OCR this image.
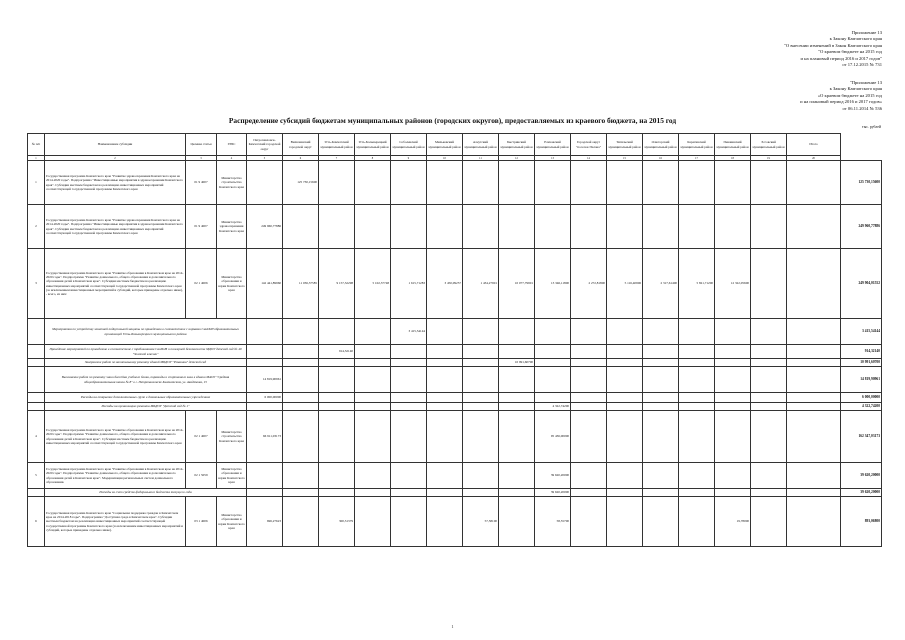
Приложение 13
к Закону Камчатского края
"О внесении изменений в Закон Камчатского края
"О краевом бюджете на 2015 год
и на плановый период 2016 и 2017 годов"
от 17.12.2015 № 731
"Приложение 13
к Закону Камчатского края
«О краевом бюджете на 2015 год
и на плановый период 2016 и 2017 годов»
от 06.11.2014 № 536
Распределение субсидий бюджетам муниципальных районов (городских округов), предоставляемых из краевого бюджета, на 2015 год
тыс. рублей
№ п/п	Наименование субсидии	Целевая статья	ГРБС	Петропавловск-Камчатский городской округ	Вилючинский городской округ	Усть-Камчатский муниципальный район	Усть-Большерецкий муниципальный район	Соболевский муниципальный район	Мильковский муниципальный район	Алеутский муниципальный район	Быстринский муниципальный район	Елизовский муниципальный район	Городской округ "поселок Палана"	Тигильский муниципальный район	Олюторский муниципальный район	Карагинский муниципальный район	Пенжинский муниципальный район	Эссовский муниципальный район	Итого	
1	2	3	4	5	6	7	8	9	10	11	12	13	14	15	16	17	18	19	20	
1	Государственная программа Камчатского края "Развитие здравоохранения Камчатского края на 2014-2020 годы". Подпрограмма "Инвестиционные мероприятия в здравоохранении Камчатского края". Субсидии местным бюджетам на реализацию инвестиционных мероприятий соответствующей государственной программы Камчатского края	01 9 4007	Министерство строительства Камчатского края		125 730,15600															125 730,15600
2	Государственная программа Камчатского края "Развитие здравоохранения Камчатского края на 2014-2020 годы". Подпрограмма "Инвестиционные мероприятия в здравоохранении Камчатского края". Субсидии местным бюджетам на реализацию инвестиционных мероприятий соответствующей государственной программы Камчатского края	01 9 4007	Министерство здравоохранения Камчатского края	249 960,77886																249 960,77886
3	Государственная программа Камчатского края "Развитие образования в Камчатском крае на 2014-2020 годы". Подпрограмма "Развитие дошкольного, общего образования и дополнительного образования детей в Камчатском крае". Субсидии местным бюджетам на реализацию инвестиционных мероприятий соответствующей государственной программы Камчатского края (за исключением инвестиционных мероприятий и субсидий, которые приведены отдельно ниже), - всего, из них:	02 1 4006	Министерство образования и науки Камчатского края	142 441,89960	11 036,37585	9 157,32298	5 102,37748	1 615,71283	3 450,09257	1 434,27901	10 077,79901	13 346,11800	2 272,81800	5 116,40906	2 317,61400	5 821,71200	12 322,05600			249 904,01552
	Мероприятия по устройству зенитной подкупольной защиты по приведению в соответствие с нормами СанПиН образовательных организаций Усть-Большерецкого муниципального района							3 415,54144												3 415,54144
	Проведение мероприятий по приведению в соответствие с требованиями СанПиН и пожарной безопасности МДОУ детский сад № 40 "Золотой ключик"					914,32140														914,32140
	Завершение работ по капитальному ремонту зданий МБДОУ "Ромашка" детский сад										10 991,60700									10 991,60700
	Выполнение работ по ремонту чаши бассейна учебного блока, пирамиды и спортивного зала в здании МАОУ "Средняя общеобразовательная школа № 8" в г. Петропавловске-Камчатском, ул. Академика, 15			14 819,90961																14 819,90961
	Расходы на открытие дополнительных групп в дошкольных образовательных учреждениях			6 000,00000																6 000,00000
	Расходы на организацию ремонта МБДОУ "Детский сад № 1"											4 322,74200								4 322,74200
4	Государственная программа Камчатского края "Развитие образования в Камчатском крае на 2014-2020 годы". Подпрограмма "Развитие дошкольного, общего образования и дополнительного образования детей в Камчатском крае". Субсидии местным бюджетам на реализацию инвестиционных мероприятий соответствующей государственной программы Камчатского края	02 1 4007	Министерство строительства Камчатского края	66 911,03173								95 436,00000								162 347,03173
5	Государственная программа Камчатского края "Развитие образования в Камчатском крае на 2014-2020 годы". Подпрограмма "Развитие дошкольного, общего образования и дополнительного образования детей в Камчатском крае". Модернизация региональных систем дошкольного образования.	02 1 5059	Министерство образования и науки Камчатского края									39 620,20000								39 620,20000
	Расходы за счет средств федерального бюджета текущего года											39 620,20000								39 620,20000
6	Государственная программа Камчатского края "Социальная поддержка граждан в Камчатском крае на 2014-2018 годы". Подпрограмма "Доступная среда в Камчатском крае". Субсидии местным бюджетам на реализацию инвестиционных мероприятий соответствующей государственной программы Камчатского края (за исключением инвестиционных мероприятий и субсидий, которые приведены отдельно ниже).	03 1 4006	Министерство образования и науки Камчатского края	696,27623		300,31379				57,58100		58,55700					19,78000			893,06800
1
